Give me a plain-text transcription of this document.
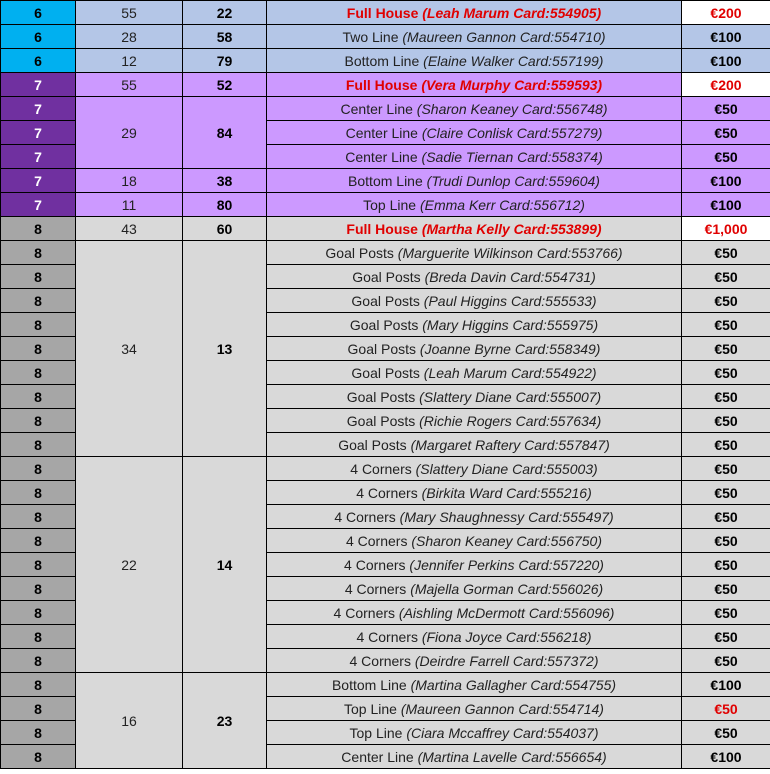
6	55	22	Full House (Leah Marum Card:554905)	€200
6	28	58	Two Line (Maureen Gannon Card:554710)	€100
6	12	79	Bottom Line (Elaine Walker Card:557199)	€100
7	55	52	Full House (Vera Murphy Card:559593)	€200
7	29	84	Center Line (Sharon Keaney Card:556748)	€50
7			Center Line (Claire Conlisk Card:557279)	€50
7			Center Line (Sadie Tiernan Card:558374)	€50
7	18	38	Bottom Line (Trudi Dunlop Card:559604)	€100
7	11	80	Top Line (Emma Kerr Card:556712)	€100
8	43	60	Full House (Martha Kelly Card:553899)	€1,000
8	34	13	Goal Posts (Marguerite Wilkinson Card:553766)	€50
8			Goal Posts (Breda Davin Card:554731)	€50
8			Goal Posts (Paul Higgins Card:555533)	€50
8			Goal Posts (Mary Higgins Card:555975)	€50
8			Goal Posts (Joanne Byrne Card:558349)	€50
8			Goal Posts (Leah Marum Card:554922)	€50
8			Goal Posts (Slattery Diane Card:555007)	€50
8			Goal Posts (Richie Rogers Card:557634)	€50
8			Goal Posts (Margaret Raftery Card:557847)	€50
8	22	14	4 Corners (Slattery Diane Card:555003)	€50
8			4 Corners (Birkita Ward Card:555216)	€50
8			4 Corners (Mary Shaughnessy Card:555497)	€50
8			4 Corners (Sharon Keaney Card:556750)	€50
8			4 Corners (Jennifer Perkins Card:557220)	€50
8			4 Corners (Majella Gorman Card:556026)	€50
8			4 Corners (Aishling McDermott Card:556096)	€50
8			4 Corners (Fiona Joyce Card:556218)	€50
8			4 Corners (Deirdre Farrell Card:557372)	€50
8	16	23	Bottom Line (Martina Gallagher Card:554755)	€100
8			Top Line (Maureen Gannon Card:554714)	€50
8			Top Line (Ciara Mccaffrey Card:554037)	€50
8			Center Line (Martina Lavelle Card:556654)	€100
